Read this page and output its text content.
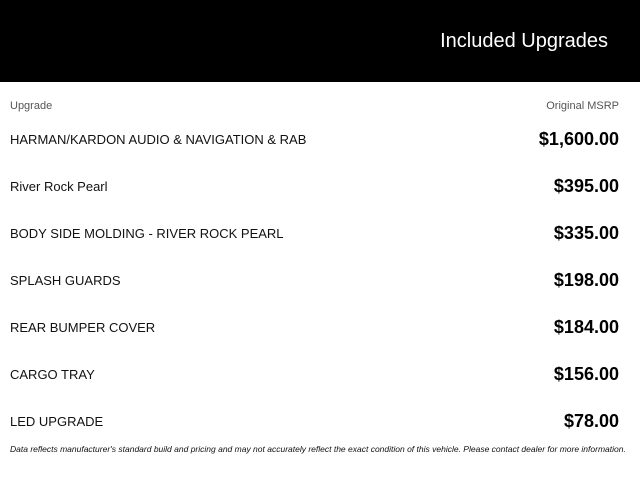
Included Upgrades
Upgrade	Original MSRP
HARMAN/KARDON AUDIO & NAVIGATION & RAB	$1,600.00
River Rock Pearl	$395.00
BODY SIDE MOLDING - RIVER ROCK PEARL	$335.00
SPLASH GUARDS	$198.00
REAR BUMPER COVER	$184.00
CARGO TRAY	$156.00
LED UPGRADE	$78.00
Data reflects manufacturer's standard build and pricing and may not accurately reflect the exact condition of this vehicle. Please contact dealer for more information.
